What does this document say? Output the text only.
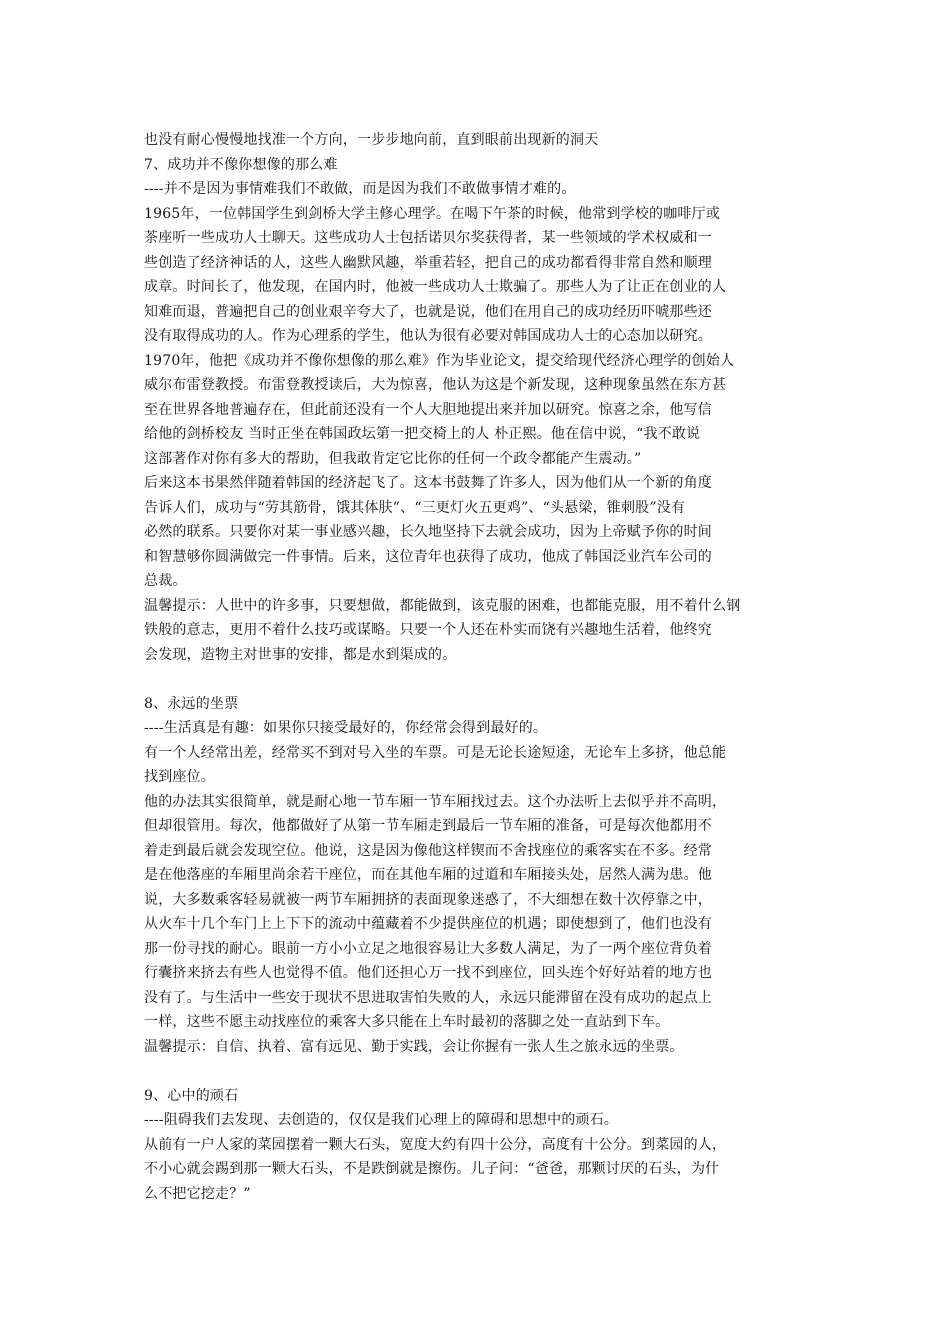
也没有耐心慢慢地找准一个方向，一步步地向前，直到眼前出现新的洞天
7、成功并不像你想像的那么难
----并不是因为事情难我们不敢做，而是因为我们不敢做事情才难的。
1965年，一位韩国学生到剑桥大学主修心理学。在喝下午茶的时候，他常到学校的咖啡厅或
茶座听一些成功人士聊天。这些成功人士包括诺贝尔奖获得者，某一些领域的学术权威和一
些创造了经济神话的人，这些人幽默风趣，举重若轻，把自己的成功都看得非常自然和顺理
成章。时间长了，他发现，在国内时，他被一些成功人士欺骗了。那些人为了让正在创业的人
知难而退，普遍把自己的创业艰辛夸大了，也就是说，他们在用自己的成功经历吓唬那些还
没有取得成功的人。作为心理系的学生，他认为很有必要对韩国成功人士的心态加以研究。
1970年，他把《成功并不像你想像的那么难》作为毕业论文，提交给现代经济心理学的创始人
威尔布雷登教授。布雷登教授读后，大为惊喜，他认为这是个新发现，这种现象虽然在东方甚
至在世界各地普遍存在，但此前还没有一个人大胆地提出来并加以研究。惊喜之余，他写信
给他的剑桥校友 当时正坐在韩国政坛第一把交椅上的人 朴正熙。他在信中说，“我不敢说
这部著作对你有多大的帮助，但我敢肯定它比你的任何一个政令都能产生震动。”
后来这本书果然伴随着韩国的经济起飞了。这本书鼓舞了许多人，因为他们从一个新的角度
告诉人们，成功与“劳其筋骨，饿其体肤”、“三更灯火五更鸡”、“头悬梁，锥刺股”没有
必然的联系。只要你对某一事业感兴趣，长久地坚持下去就会成功，因为上帝赋予你的时间
和智慧够你圆满做完一件事情。后来，这位青年也获得了成功，他成了韩国泛业汽车公司的
总裁。
温馨提示：人世中的许多事，只要想做，都能做到，该克服的困难，也都能克服，用不着什么钢
铁般的意志，更用不着什么技巧或谋略。只要一个人还在朴实而饶有兴趣地生活着，他终究
会发现，造物主对世事的安排，都是水到渠成的。
8、永远的坐票
----生活真是有趣：如果你只接受最好的，你经常会得到最好的。
有一个人经常出差，经常买不到对号入坐的车票。可是无论长途短途，无论车上多挤，他总能
找到座位。
他的办法其实很简单，就是耐心地一节车厢一节车厢找过去。这个办法听上去似乎并不高明，
但却很管用。每次，他都做好了从第一节车厢走到最后一节车厢的准备，可是每次他都用不
着走到最后就会发现空位。他说，这是因为像他这样锲而不舍找座位的乘客实在不多。经常
是在他落座的车厢里尚余若干座位，而在其他车厢的过道和车厢接头处，居然人满为患。他
说，大多数乘客轻易就被一两节车厢拥挤的表面现象迷惑了，不大细想在数十次停靠之中，
从火车十几个车门上上下下的流动中蕴藏着不少提供座位的机遇；即使想到了，他们也没有
那一份寻找的耐心。眼前一方小小立足之地很容易让大多数人满足，为了一两个座位背负着
行囊挤来挤去有些人也觉得不值。他们还担心万一找不到座位，回头连个好好站着的地方也
没有了。与生活中一些安于现状不思进取害怕失败的人，永远只能滞留在没有成功的起点上
一样，这些不愿主动找座位的乘客大多只能在上车时最初的落脚之处一直站到下车。
温馨提示：自信、执着、富有远见、勤于实践，会让你握有一张人生之旅永远的坐票。
9、心中的顽石
----阻碍我们去发现、去创造的，仅仅是我们心理上的障碍和思想中的顽石。
从前有一户人家的菜园摆着一颗大石头，宽度大约有四十公分，高度有十公分。到菜园的人，
不小心就会踢到那一颗大石头，不是跌倒就是擦伤。儿子问：“爸爸，那颗讨厌的石头，为什
么不把它挖走？”
